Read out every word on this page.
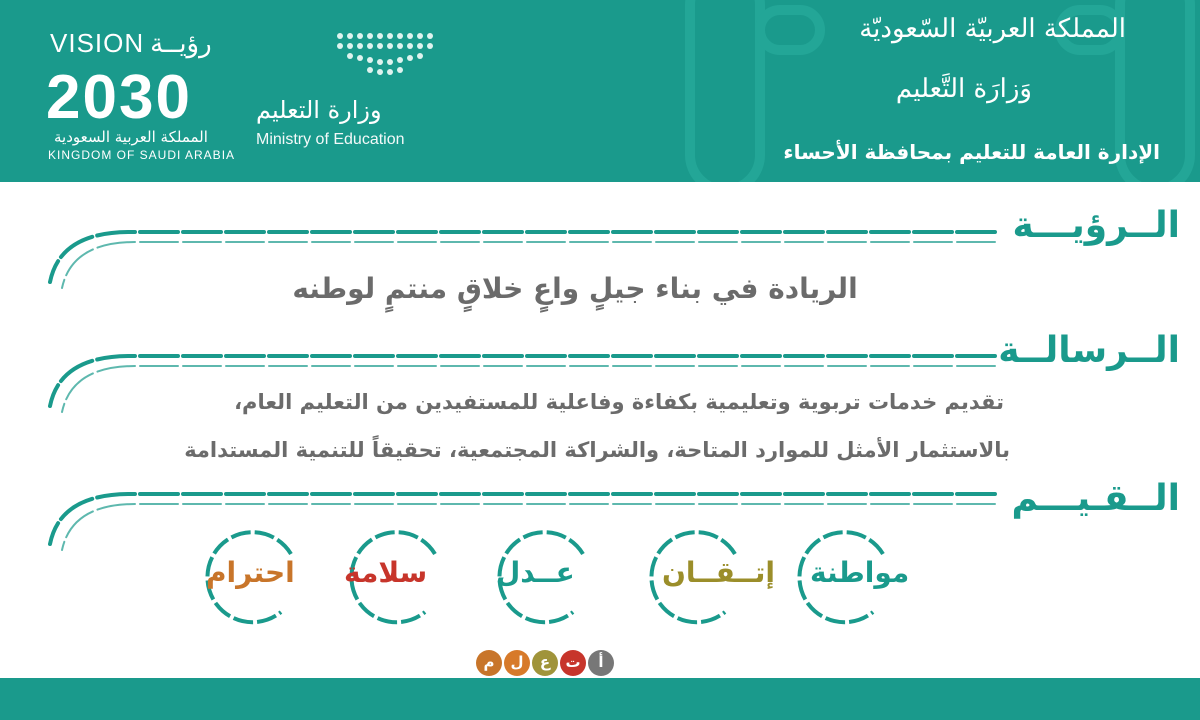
VISION رؤيــة
2030
المملكة العربية السعودية
KINGDOM OF SAUDI ARABIA
وزارة التعليم
Ministry of Education
المملكة العربيّة السّعوديّة
وَزارَة التَّعليم
الإدارة العامة للتعليم بمحافظة الأحساء
الــرؤيـــة
الريادة في بناء جيلٍ واعٍ خلاقٍ منتمٍ لوطنه
الــرسالــة
تقديم خدمات تربوية وتعليمية بكفاءة وفاعلية للمستفيدين من التعليم العام،
بالاستثمار الأمثل للموارد المتاحة، والشراكة المجتمعية، تحقيقاً للتنمية المستدامة
الــقـيـــم
مواطنة
إتــقــان
عــدل
سلامة
احترام
أ
ت
ع
ل
م
